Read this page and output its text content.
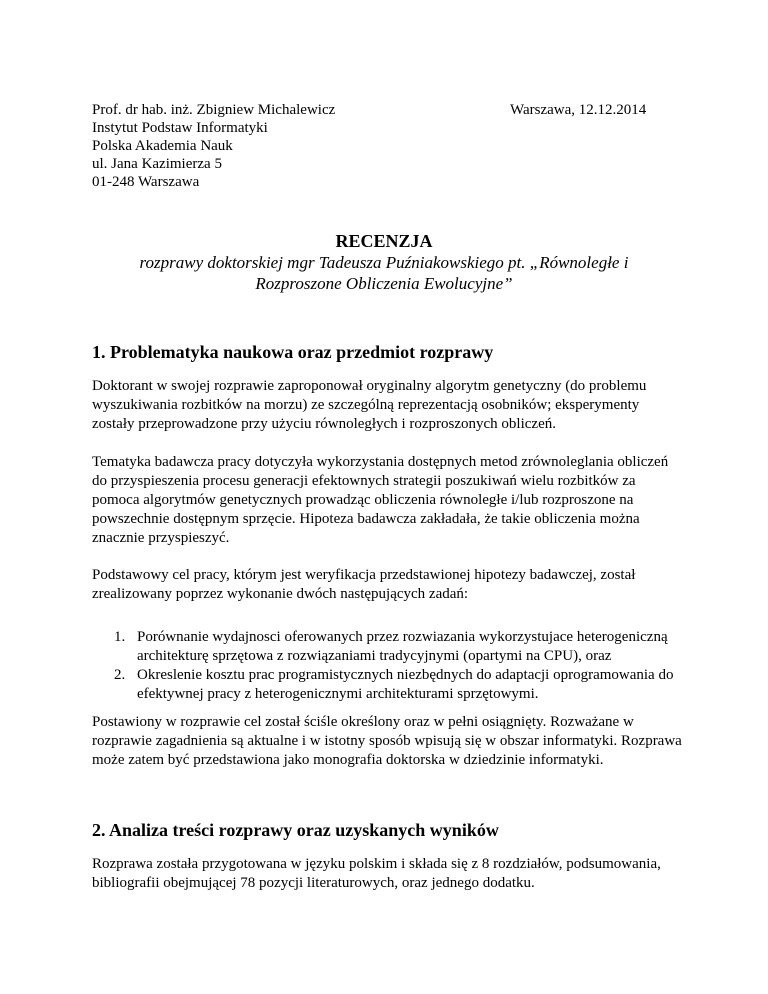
Prof. dr hab. inż. Zbigniew Michalewicz
Instytut Podstaw Informatyki
Polska Akademia Nauk
ul. Jana Kazimierza 5
01-248 Warszawa
Warszawa, 12.12.2014
RECENZJA
rozprawy doktorskiej mgr Tadeusza Puźniakowskiego pt. „Równoległe i Rozproszone Obliczenia Ewolucyjne”
1. Problematyka naukowa oraz przedmiot rozprawy
Doktorant w swojej rozprawie zaproponował oryginalny algorytm genetyczny (do problemu wyszukiwania rozbitków na morzu) ze szczególną reprezentacją osobników; eksperymenty zostały przeprowadzone przy użyciu równoległych i rozproszonych obliczeń.
Tematyka badawcza pracy dotyczyła wykorzystania dostępnych metod zrównoleglania obliczeń do przyspieszenia procesu generacji efektownych strategii poszukiwań wielu rozbitków za pomoca algorytmów genetycznych prowadząc obliczenia równoległe i/lub rozproszone na powszechnie dostępnym sprzęcie. Hipoteza badawcza zakładała, że takie obliczenia można znacznie przyspieszyć.
Podstawowy cel pracy, którym jest weryfikacja przedstawionej hipotezy badawczej, został zrealizowany poprzez wykonanie dwóch następujących zadań:
1. Porównanie wydajnosci oferowanych przez rozwiazania wykorzystujace heterogeniczną architekturę sprzętowa z rozwiązaniami tradycyjnymi (opartymi na CPU), oraz
2. Okreslenie kosztu prac programistycznych niezbędnych do adaptacji oprogramowania do efektywnej pracy z heterogenicznymi architekturami sprzętowymi.
Postawiony w rozprawie cel został ściśle określony oraz w pełni osiągnięty. Rozważane w rozprawie zagadnienia są aktualne i w istotny sposób wpisują się w obszar informatyki. Rozprawa może zatem być przedstawiona jako monografia doktorska w dziedzinie informatyki.
2. Analiza treści rozprawy oraz uzyskanych wyników
Rozprawa została przygotowana w języku polskim i składa się z 8 rozdziałów, podsumowania, bibliografii obejmującej 78 pozycji literaturowych, oraz jednego dodatku.
